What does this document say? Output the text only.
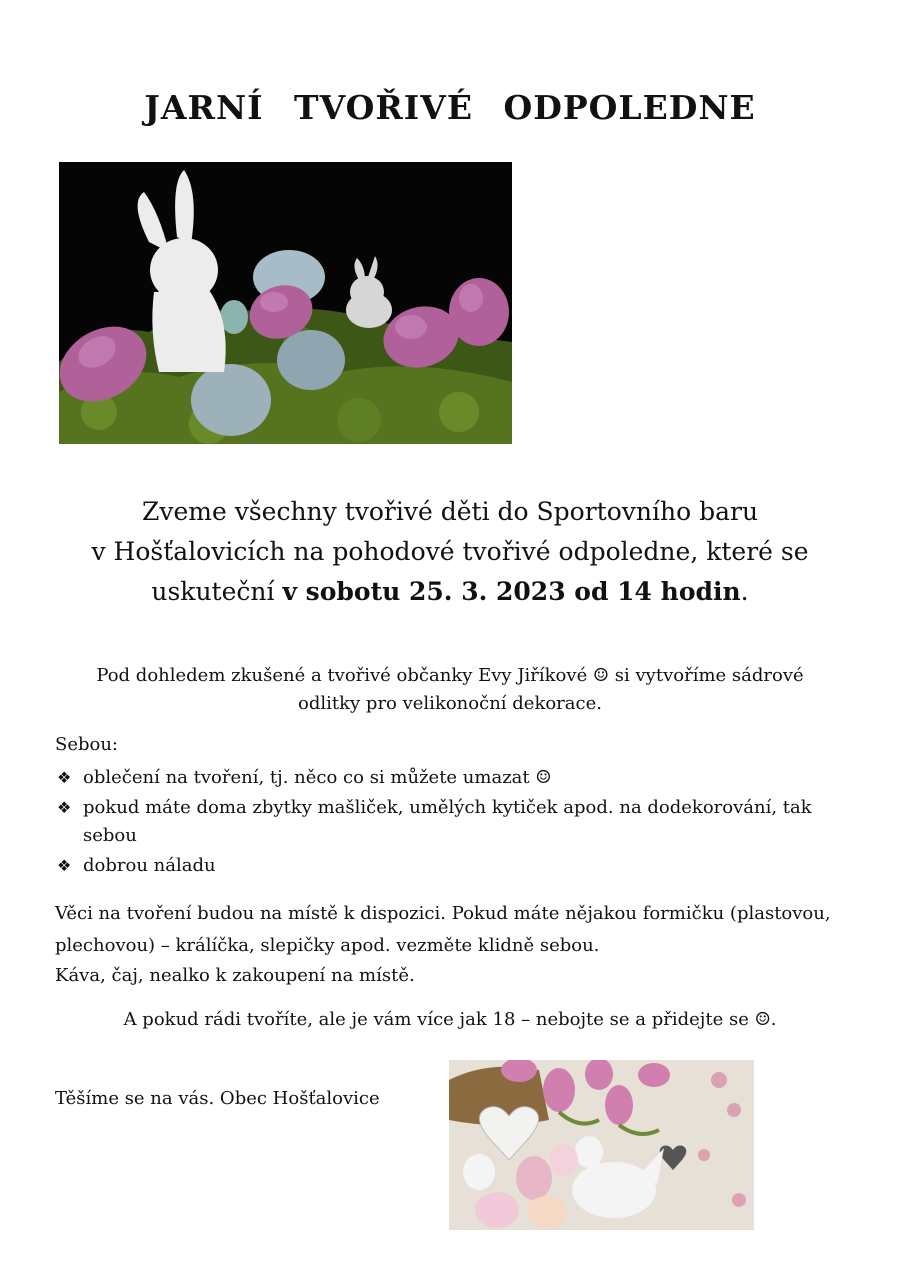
JARNÍ TVOŘIVÉ ODPOLEDNE
Zveme všechny tvořivé děti do Sportovního baru
v Hošťalovicích na pohodové tvořivé odpoledne, které se
uskuteční v sobotu 25. 3. 2023 od 14 hodin.
Pod dohledem zkušené a tvořivé občanky Evy Jiříkové ☺ si vytvoříme sádrové
odlitky pro velikonoční dekorace.
Sebou:
❖ oblečení na tvoření, tj. něco co si můžete umazat ☺
❖ pokud máte doma zbytky mašliček, umělých kytiček apod. na dodekorování, tak sebou
❖ dobrou náladu
Věci na tvoření budou na místě k dispozici. Pokud máte nějakou formičku (plastovou, plechovou) – králíčka, slepičky apod. vezměte klidně sebou.
Káva, čaj, nealko k zakoupení na místě.
A pokud rádi tvoříte, ale je vám více jak 18 – nebojte se a přidejte se ☺.
Těšíme se na vás. Obec Hošťalovice
